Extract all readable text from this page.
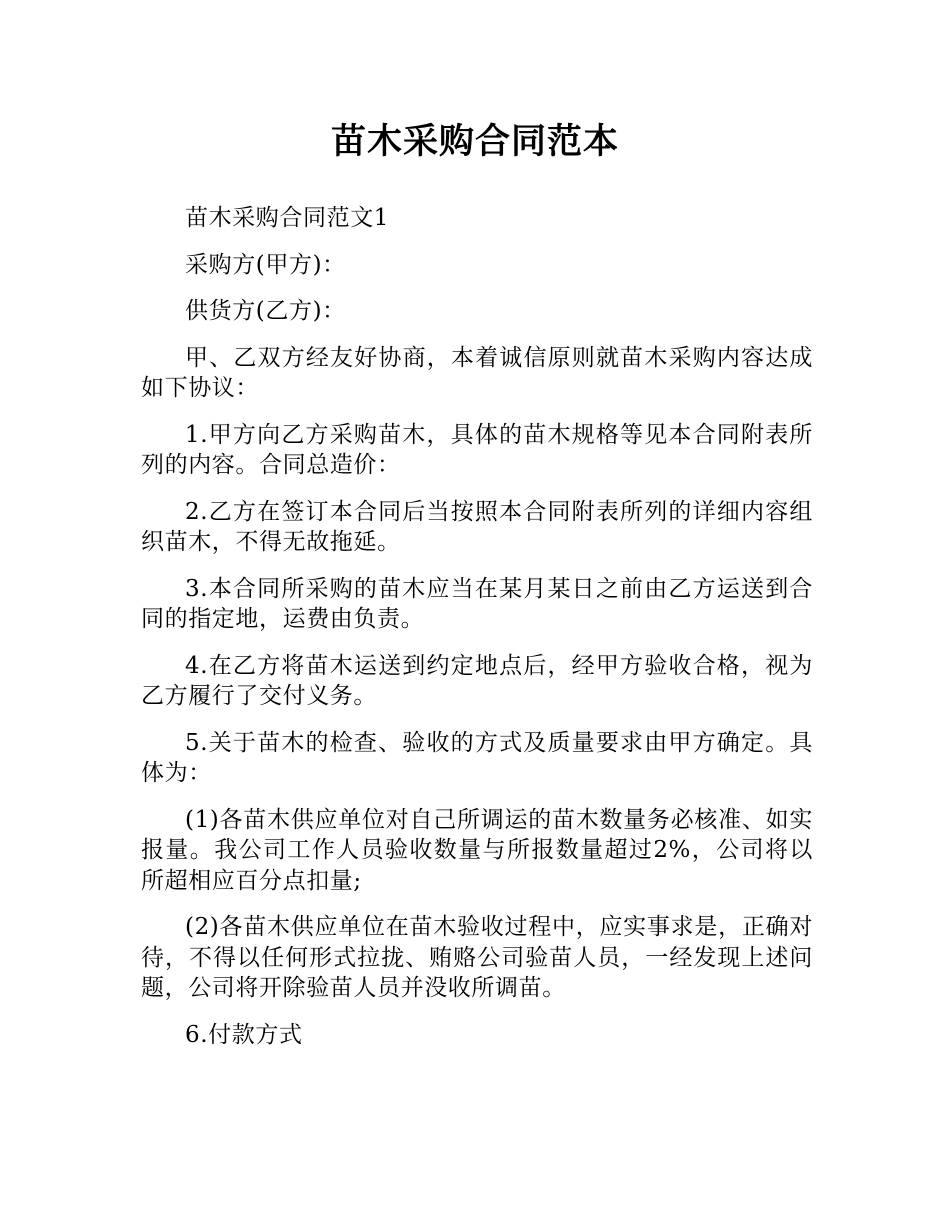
苗木采购合同范本

苗木采购合同范文1

采购方(甲方)：

供货方(乙方)：

甲、乙双方经友好协商，本着诚信原则就苗木采购内容达成如下协议：

1.甲方向乙方采购苗木，具体的苗木规格等见本合同附表所列的内容。合同总造价：

2.乙方在签订本合同后当按照本合同附表所列的详细内容组织苗木，不得无故拖延。

3.本合同所采购的苗木应当在某月某日之前由乙方运送到合同的指定地，运费由负责。

4.在乙方将苗木运送到约定地点后，经甲方验收合格，视为乙方履行了交付义务。

5.关于苗木的检查、验收的方式及质量要求由甲方确定。具体为：

(1)各苗木供应单位对自己所调运的苗木数量务必核准、如实报量。我公司工作人员验收数量与所报数量超过2%，公司将以所超相应百分点扣量;

(2)各苗木供应单位在苗木验收过程中，应实事求是，正确对待，不得以任何形式拉拢、贿赂公司验苗人员，一经发现上述问题，公司将开除验苗人员并没收所调苗。

6.付款方式
